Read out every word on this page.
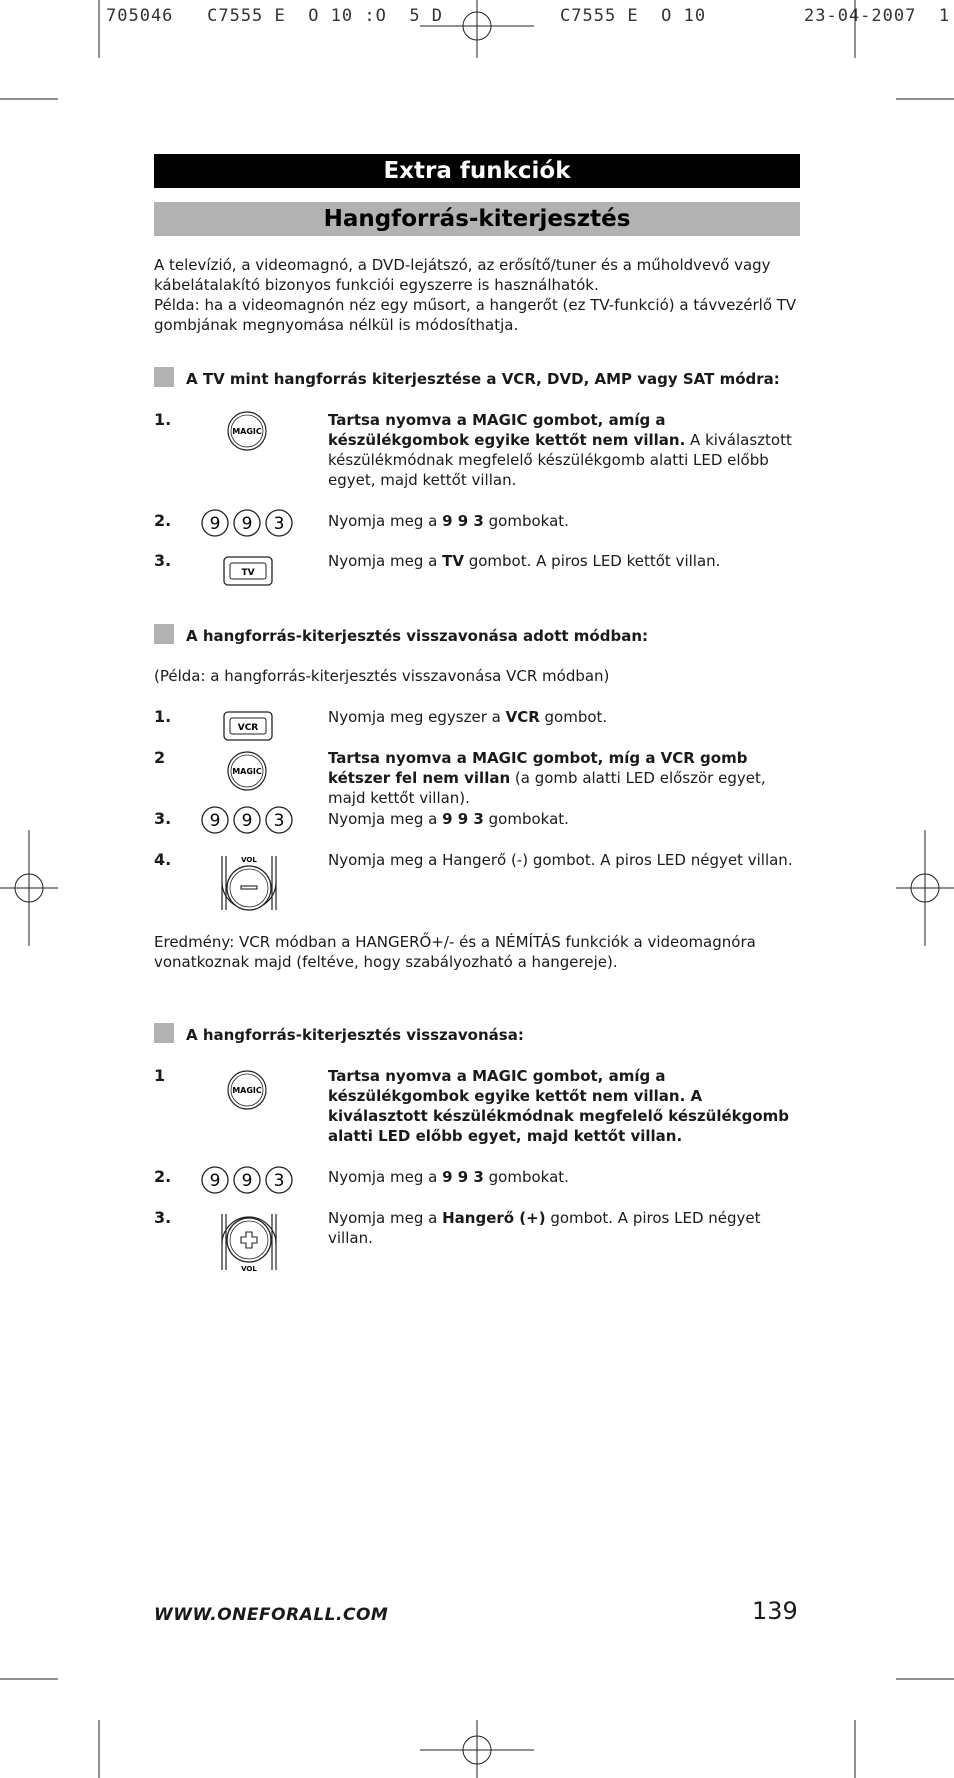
705046   C7555 E  O 10 :O  5 D	C7555 E  O 10	23-04-2007  1
Extra funkciók
Hangforrás-kiterjesztés
A televízió, a videomagnó, a DVD-lejátszó, az erősítő/tuner és a műholdvevő vagy
kábelátalakító bizonyos funkciói egyszerre is használhatók.
Példa: ha a videomagnón néz egy műsort, a hangerőt (ez TV-funkció) a távvezérlő TV
gombjának megnyomása nélkül is módosíthatja.
A TV mint hangforrás kiterjesztése a VCR, DVD, AMP vagy SAT módra:
1.
MAGIC
Tartsa nyomva a MAGIC gombot, amíg a készülékgombok egyike kettőt nem villan. A kiválasztott készülékmódnak megfelelő készülékgomb alatti LED előbb egyet, majd kettőt villan.
2. 9 9 3	Nyomja meg a 9 9 3 gombokat.
3.
TV
Nyomja meg a TV gombot. A piros LED kettőt villan.
A hangforrás-kiterjesztés visszavonása adott módban:
(Példa: a hangforrás-kiterjesztés visszavonása VCR módban)
1.
VCR
Nyomja meg egyszer a VCR gombot.
2
MAGIC
Tartsa nyomva a MAGIC gombot, míg a VCR gomb kétszer fel nem villan (a gomb alatti LED először egyet, majd kettőt villan).
3. 9 9 3	Nyomja meg a 9 9 3 gombokat.
4.	VOL	Nyomja meg a Hangerő (-) gombot. A piros LED négyet villan.
Eredmény: VCR módban a HANGERŐ+/- és a NÉMÍTÁS funkciók a videomagnóra
vonatkoznak majd (feltéve, hogy szabályozható a hangereje).
A hangforrás-kiterjesztés visszavonása:
1
MAGIC
Tartsa nyomva a MAGIC gombot, amíg a készülékgombok egyike kettőt nem villan. A kiválasztott készülékmódnak megfelelő készülékgomb alatti LED előbb egyet, majd kettőt villan.
2. 9 9 3	Nyomja meg a 9 9 3 gombokat.
3.
VOL
Nyomja meg a Hangerő (+) gombot. A piros LED négyet villan.
WWW.ONEFORALL.COM	139
